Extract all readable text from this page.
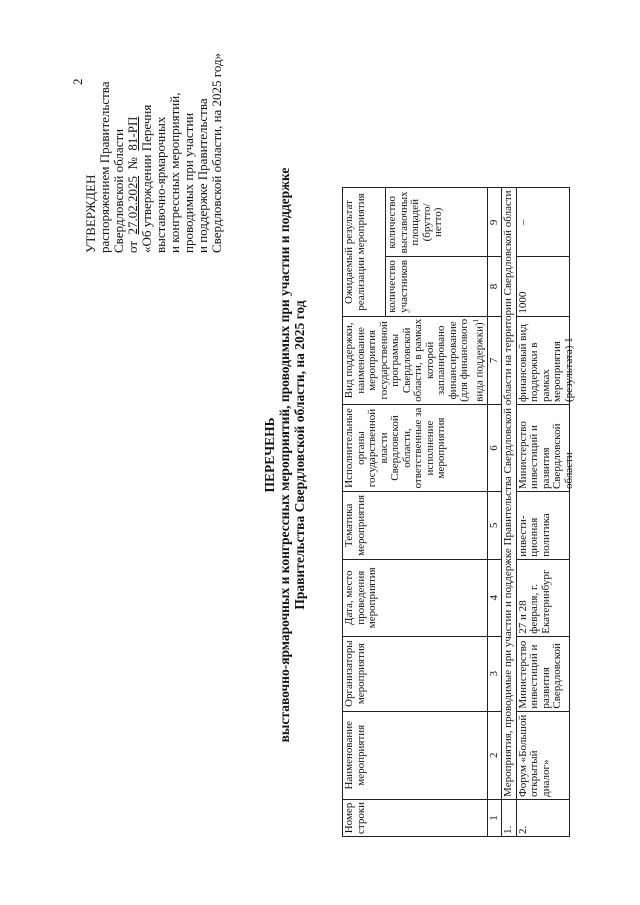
2
УТВЕРЖДЕН распоряжением Правительства Свердловской области от  27.02.2025  №  81-РП «Об утверждении Перечня выставочно-ярмарочных и конгрессных мероприятий, проводимых при участии и поддержке Правительства Свердловской области, на 2025 год»
ПЕРЕЧЕНЬ выставочно-ярмарочных и конгрессных мероприятий, проводимых при участии и поддержке Правительства Свердловской области, на 2025 год
Номер строки	Наименование мероприятия	Организаторы мероприятия	Дата, место проведения мероприятия	Тематика мероприятия	Исполнительные органы государственной власти Свердловской области, ответственные за исполнение мероприятия	Вид поддержки, наименование мероприятия государственной программы Свердловской области, в рамках которой запланировано финансирование (для финансового вида поддержки)$^1$	Ожидаемый результат реализации мероприятия	
							количество участников	количество выставочных площадей (брутто/нетто)
1	2	3	4	5	6	7	8	9
1.	Мероприятия, проводимые при участии и поддержке Правительства Свердловской области на территории Свердловской области							
2.	Форум «Большой открытый диалог»	Министерство инвестиций и развития Свердловской	27 и 28 февраля, г. Екатеринбург	инвести-ционная политика	Министерство инвестиций и развития Свердловской области	финансовый вид поддержки в рамках мероприятия (результата) 1	1000	–
